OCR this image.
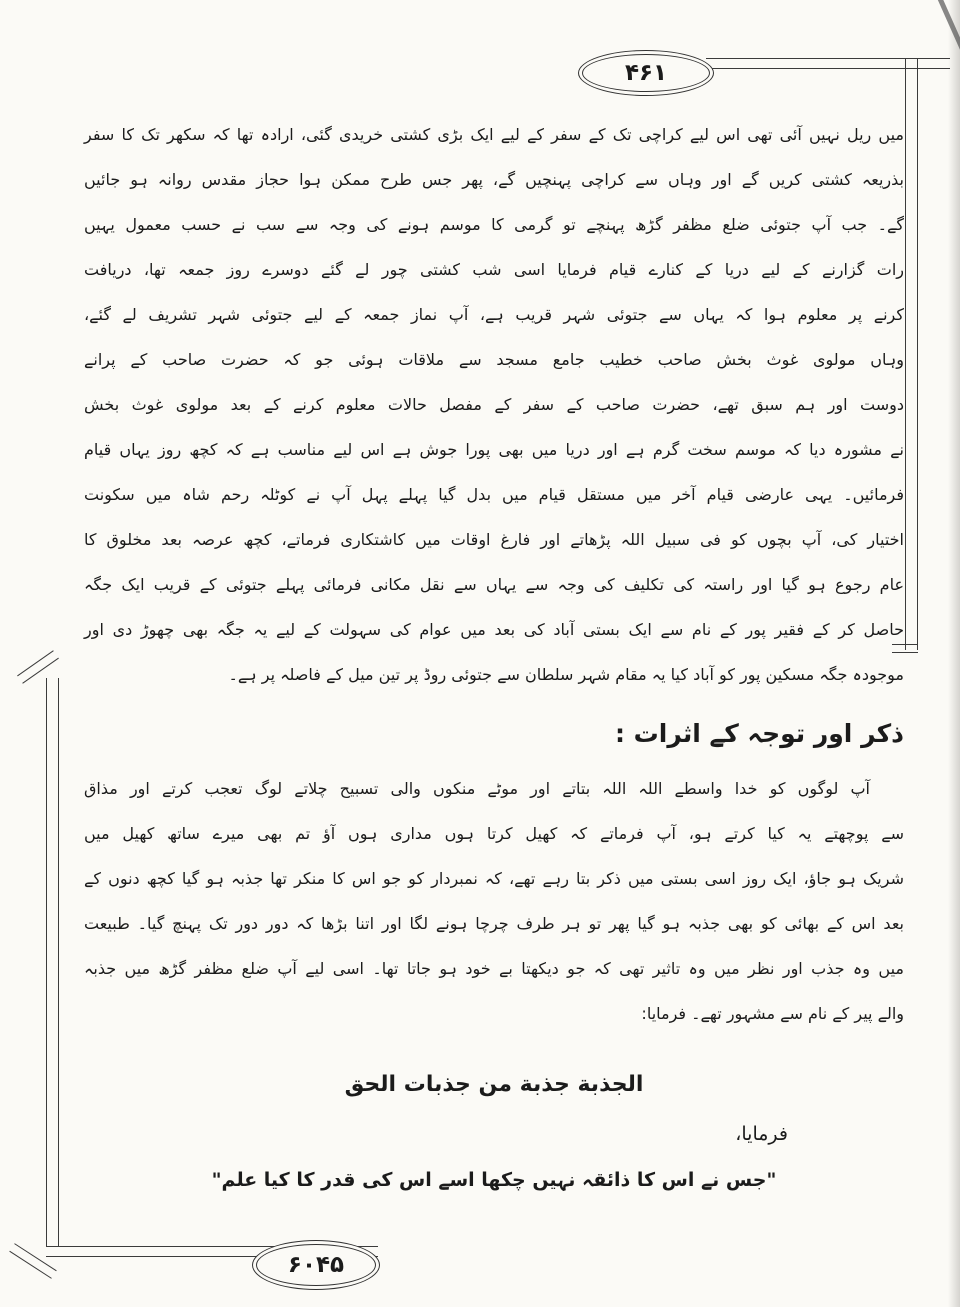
۴۶۱
۶۰۴۵
میں ریل نہیں آئی تھی اس لیے کراچی تک کے سفر کے لیے ایک بڑی کشتی خریدی گئی، ارادہ تھا کہ سکھر تک کا سفر
بذریعہ کشتی کریں گے اور وہاں سے کراچی پہنچیں گے، پھر جس طرح ممکن ہوا حجاز مقدس روانہ ہو جائیں
گے۔ جب آپ جتوئی ضلع مظفر گڑھ پہنچے تو گرمی کا موسم ہونے کی وجہ سے سب نے حسب معمول یہیں
رات گزارنے کے لیے دریا کے کنارے قیام فرمایا اسی شب کشتی چور لے گئے دوسرے روز جمعہ تھا، دریافت
کرنے پر معلوم ہوا کہ یہاں سے جتوئی شہر قریب ہے، آپ نماز جمعہ کے لیے جتوئی شہر تشریف لے گئے،
وہاں مولوی غوث بخش صاحب خطیب جامع مسجد سے ملاقات ہوئی جو کہ حضرت صاحب کے پرانے
دوست اور ہم سبق تھے، حضرت صاحب کے سفر کے مفصل حالات معلوم کرنے کے بعد مولوی غوث بخش
نے مشورہ دیا کہ موسم سخت گرم ہے اور دریا میں بھی پورا جوش ہے اس لیے مناسب ہے کہ کچھ روز یہاں قیام
فرمائیں۔ یہی عارضی قیام آخر میں مستقل قیام میں بدل گیا پہلے پہل آپ نے کوٹلہ رحم شاہ میں سکونت
اختیار کی، آپ بچوں کو فی سبیل اللہ پڑھاتے اور فارغ اوقات میں کاشتکاری فرماتے، کچھ عرصہ بعد مخلوق کا
عام رجوع ہو گیا اور راستہ کی تکلیف کی وجہ سے یہاں سے نقل مکانی فرمائی پہلے جتوئی کے قریب ایک جگہ
حاصل کر کے فقیر پور کے نام سے ایک بستی آباد کی بعد میں عوام کی سہولت کے لیے یہ جگہ بھی چھوڑ دی اور
موجودہ جگہ مسکین پور کو آباد کیا یہ مقام شہر سلطان سے جتوئی روڈ پر تین میل کے فاصلہ پر ہے۔
ذکر اور توجہ کے اثرات :
آپ لوگوں کو خدا واسطے اللہ اللہ بتاتے اور موٹے منکوں والی تسبیح چلاتے لوگ تعجب کرتے اور مذاق
سے پوچھتے یہ کیا کرتے ہو، آپ فرماتے کہ کھیل کرتا ہوں مداری ہوں آؤ تم بھی میرے ساتھ کھیل میں
شریک ہو جاؤ، ایک روز اسی بستی میں ذکر بتا رہے تھے، کہ نمبردار کو جو اس کا منکر تھا جذبہ ہو گیا کچھ دنوں کے
بعد اس کے بھائی کو بھی جذبہ ہو گیا پھر تو ہر طرف چرچا ہونے لگا اور اتنا بڑھا کہ دور دور تک پہنچ گیا۔ طبیعت
میں وہ جذب اور نظر میں وہ تاثیر تھی کہ جو دیکھتا بے خود ہو جاتا تھا۔ اسی لیے آپ ضلع مظفر گڑھ میں جذبہ
والے پیر کے نام سے مشہور تھے۔ فرمایا:
الجذبة جذبة من جذبات الحق
فرمایا،
"جس نے اس کا ذائقہ نہیں چکھا اسے اس کی قدر کا کیا علم"
